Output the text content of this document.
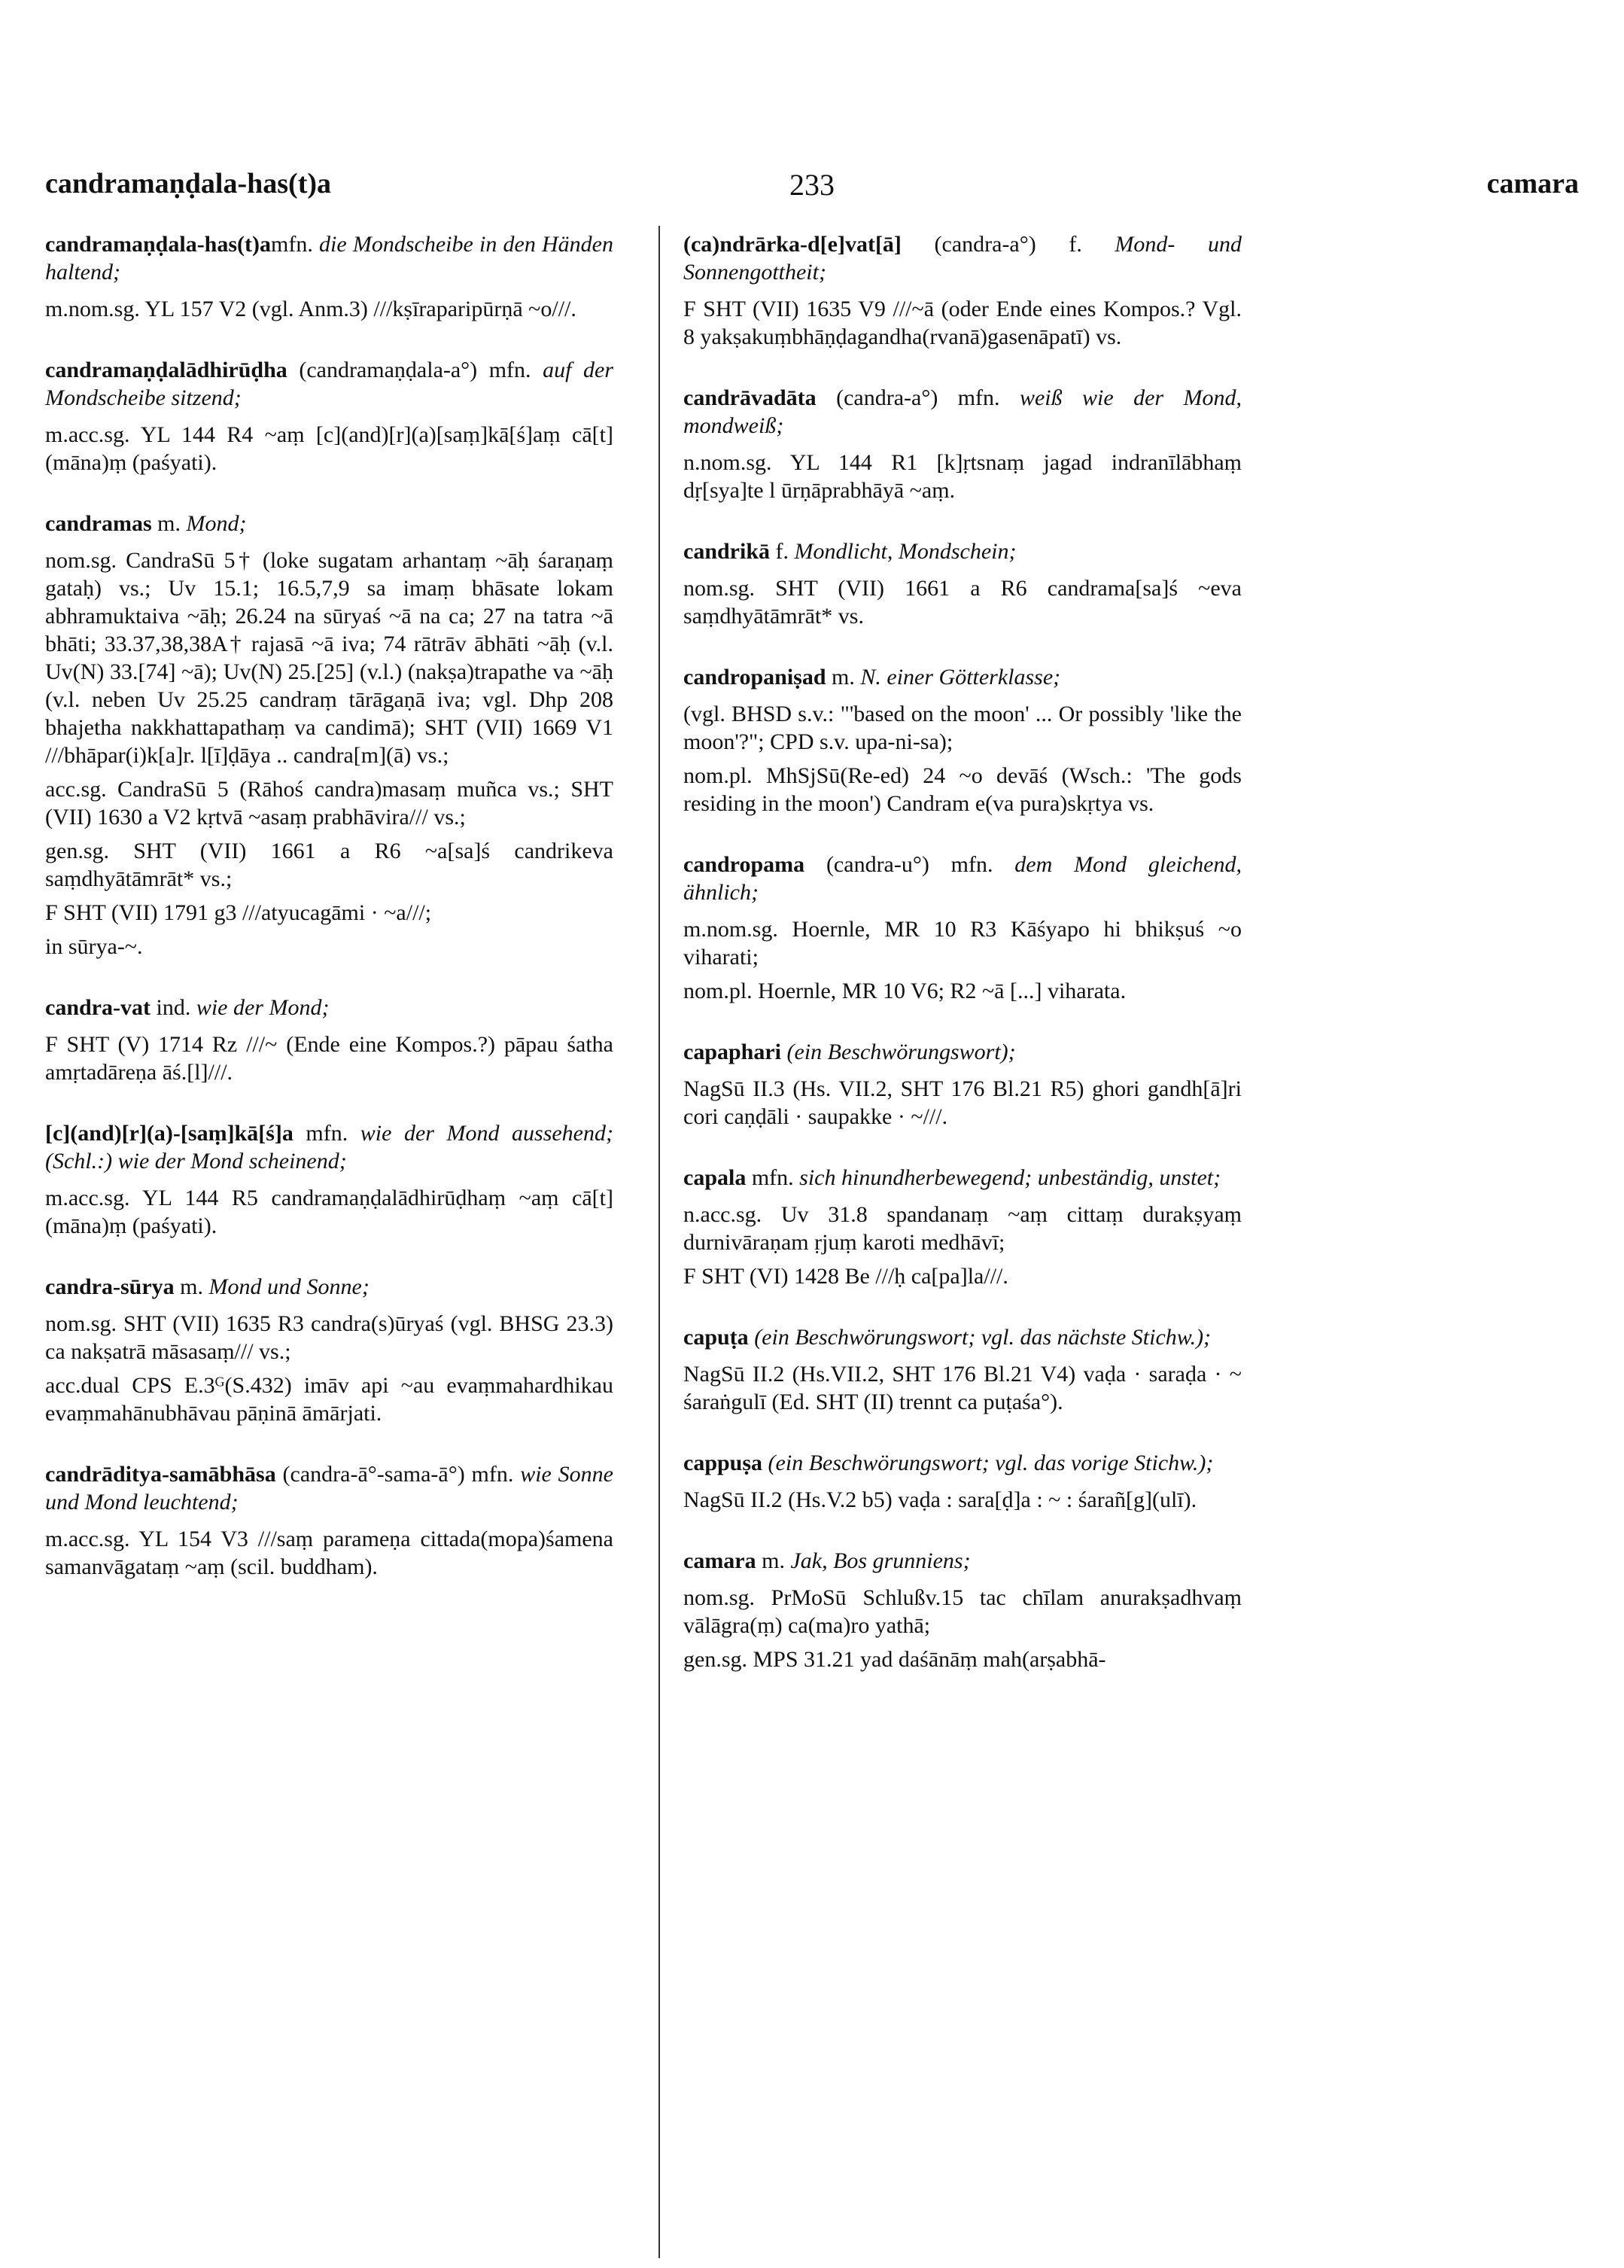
candramaṇḍala-has(t)a	233	camara
candramaṇḍala-has(t)amfn. die Mondscheibe in den Händen haltend;
m.nom.sg. YL 157 V2 (vgl. Anm.3) ///kṣīraparipūrṇā ~o///.
candramaṇḍalādhirūḍha (candramaṇḍala-a°) mfn. auf der Mondscheibe sitzend;
m.acc.sg. YL 144 R4 ~aṃ [c](and)[r](a)[saṃ]kā[ś]aṃ cā[t](māna)ṃ (paśyati).
candramas m. Mond;
nom.sg. CandraSū 5† (loke sugatam arhantaṃ ~āḥ śaraṇaṃ gataḥ) vs.; Uv 15.1; 16.5,7,9 sa imaṃ bhāsate lokam abhramuktaiva ~āḥ; 26.24 na sūryaś ~ā na ca; 27 na tatra ~ā bhāti; 33.37,38,38A† rajasā ~ā iva; 74 rātrāv ābhāti ~āḥ (v.l. Uv(N) 33.[74] ~ā); Uv(N) 25.[25] (v.l.) (nakṣa)trapathe va ~āḥ (v.l. neben Uv 25.25 candraṃ tārāgaṇā iva; vgl. Dhp 208 bhajetha nakkhattapathaṃ va candimā); SHT (VII) 1669 V1 ///bhāpar(i)k[a]r. l[ī]ḍāya .. candra[m](ā) vs.;
acc.sg. CandraSū 5 (Rāhoś candra)masaṃ muñca vs.; SHT (VII) 1630 a V2 kṛtvā ~asaṃ prabhāvira/// vs.;
gen.sg. SHT (VII) 1661 a R6 ~a[sa]ś candrikeva saṃdhyātāmrāt* vs.;
F SHT (VII) 1791 g3 ///atyucagāmi · ~a///;
in sūrya-~.
candra-vat ind. wie der Mond;
F SHT (V) 1714 Rz ///~ (Ende eine Kompos.?) pāpau śatha amṛtadāreṇa āś.[l]///.
[c](and)[r](a)-[saṃ]kā[ś]a mfn. wie der Mond aussehend; (Schl.:) wie der Mond scheinend;
m.acc.sg. YL 144 R5 candramaṇḍalādhirūḍhaṃ ~aṃ cā[t](māna)ṃ (paśyati).
candra-sūrya m. Mond und Sonne;
nom.sg. SHT (VII) 1635 R3 candra(s)ūryaś (vgl. BHSG 23.3) ca nakṣatrā māsasaṃ/// vs.;
acc.dual CPS E.3ᴳ(S.432) imāv api ~au evaṃmahardhikau evaṃmahānubhāvau pāṇinā āmārjati.
candrāditya-samābhāsa (candra-ā°-sama-ā°) mfn. wie Sonne und Mond leuchtend;
m.acc.sg. YL 154 V3 ///saṃ parameṇa cittada(mopa)śamena samanvāgataṃ ~aṃ (scil. buddham).
(ca)ndrārka-d[e]vat[ā] (candra-a°) f. Mond- und Sonnengottheit;
F SHT (VII) 1635 V9 ///~ā (oder Ende eines Kompos.? Vgl. 8 yakṣakuṃbhāṇḍagandha(rvanā)gasenāpatī) vs.
candrāvadāta (candra-a°) mfn. weiß wie der Mond, mondweiß;
n.nom.sg. YL 144 R1 [k]ṛtsnaṃ jagad indranīlābhaṃ dṛ[sya]te l ūrṇāprabhāyā ~aṃ.
candrikā f. Mondlicht, Mondschein;
nom.sg. SHT (VII) 1661 a R6 candrama[sa]ś ~eva saṃdhyātāmrāt* vs.
candropaniṣad m. N. einer Götterklasse;
(vgl. BHSD s.v.: "'based on the moon' ... Or possibly 'like the moon'?"; CPD s.v. upa-ni-sa);
nom.pl. MhSjSū(Re-ed) 24 ~o devāś (Wsch.: 'The gods residing in the moon') Candram e(va pura)skṛtya vs.
candropama (candra-u°) mfn. dem Mond gleichend, ähnlich;
m.nom.sg. Hoernle, MR 10 R3 Kāśyapo hi bhikṣuś ~o viharati;
nom.pl. Hoernle, MR 10 V6; R2 ~ā [...] viharata.
capaphari (ein Beschwörungswort);
NagSū II.3 (Hs. VII.2, SHT 176 Bl.21 R5) ghori gandh[ā]ri cori caṇḍāli · saupakke · ~///.
capala mfn. sich hinundherbewegend; unbeständig, unstet;
n.acc.sg. Uv 31.8 spandanaṃ ~aṃ cittaṃ durakṣyaṃ durnivāraṇam ṛjuṃ karoti medhāvī;
F SHT (VI) 1428 Be ///ḥ ca[pa]la///.
capuṭa (ein Beschwörungswort; vgl. das nächste Stichw.);
NagSū II.2 (Hs.VII.2, SHT 176 Bl.21 V4) vaḍa · saraḍa · ~ śaraṅgulī (Ed. SHT (II) trennt ca puṭaśa°).
cappuṣa (ein Beschwörungswort; vgl. das vorige Stichw.);
NagSū II.2 (Hs.V.2 b5) vaḍa : sara[ḍ]a : ~ : śarañ[g](ulī).
camara m. Jak, Bos grunniens;
nom.sg. PrMoSū Schlußv.15 tac chīlam anurakṣadhvaṃ vālāgra(ṃ) ca(ma)ro yathā;
gen.sg. MPS 31.21 yad daśānāṃ mah(arṣabhā-
